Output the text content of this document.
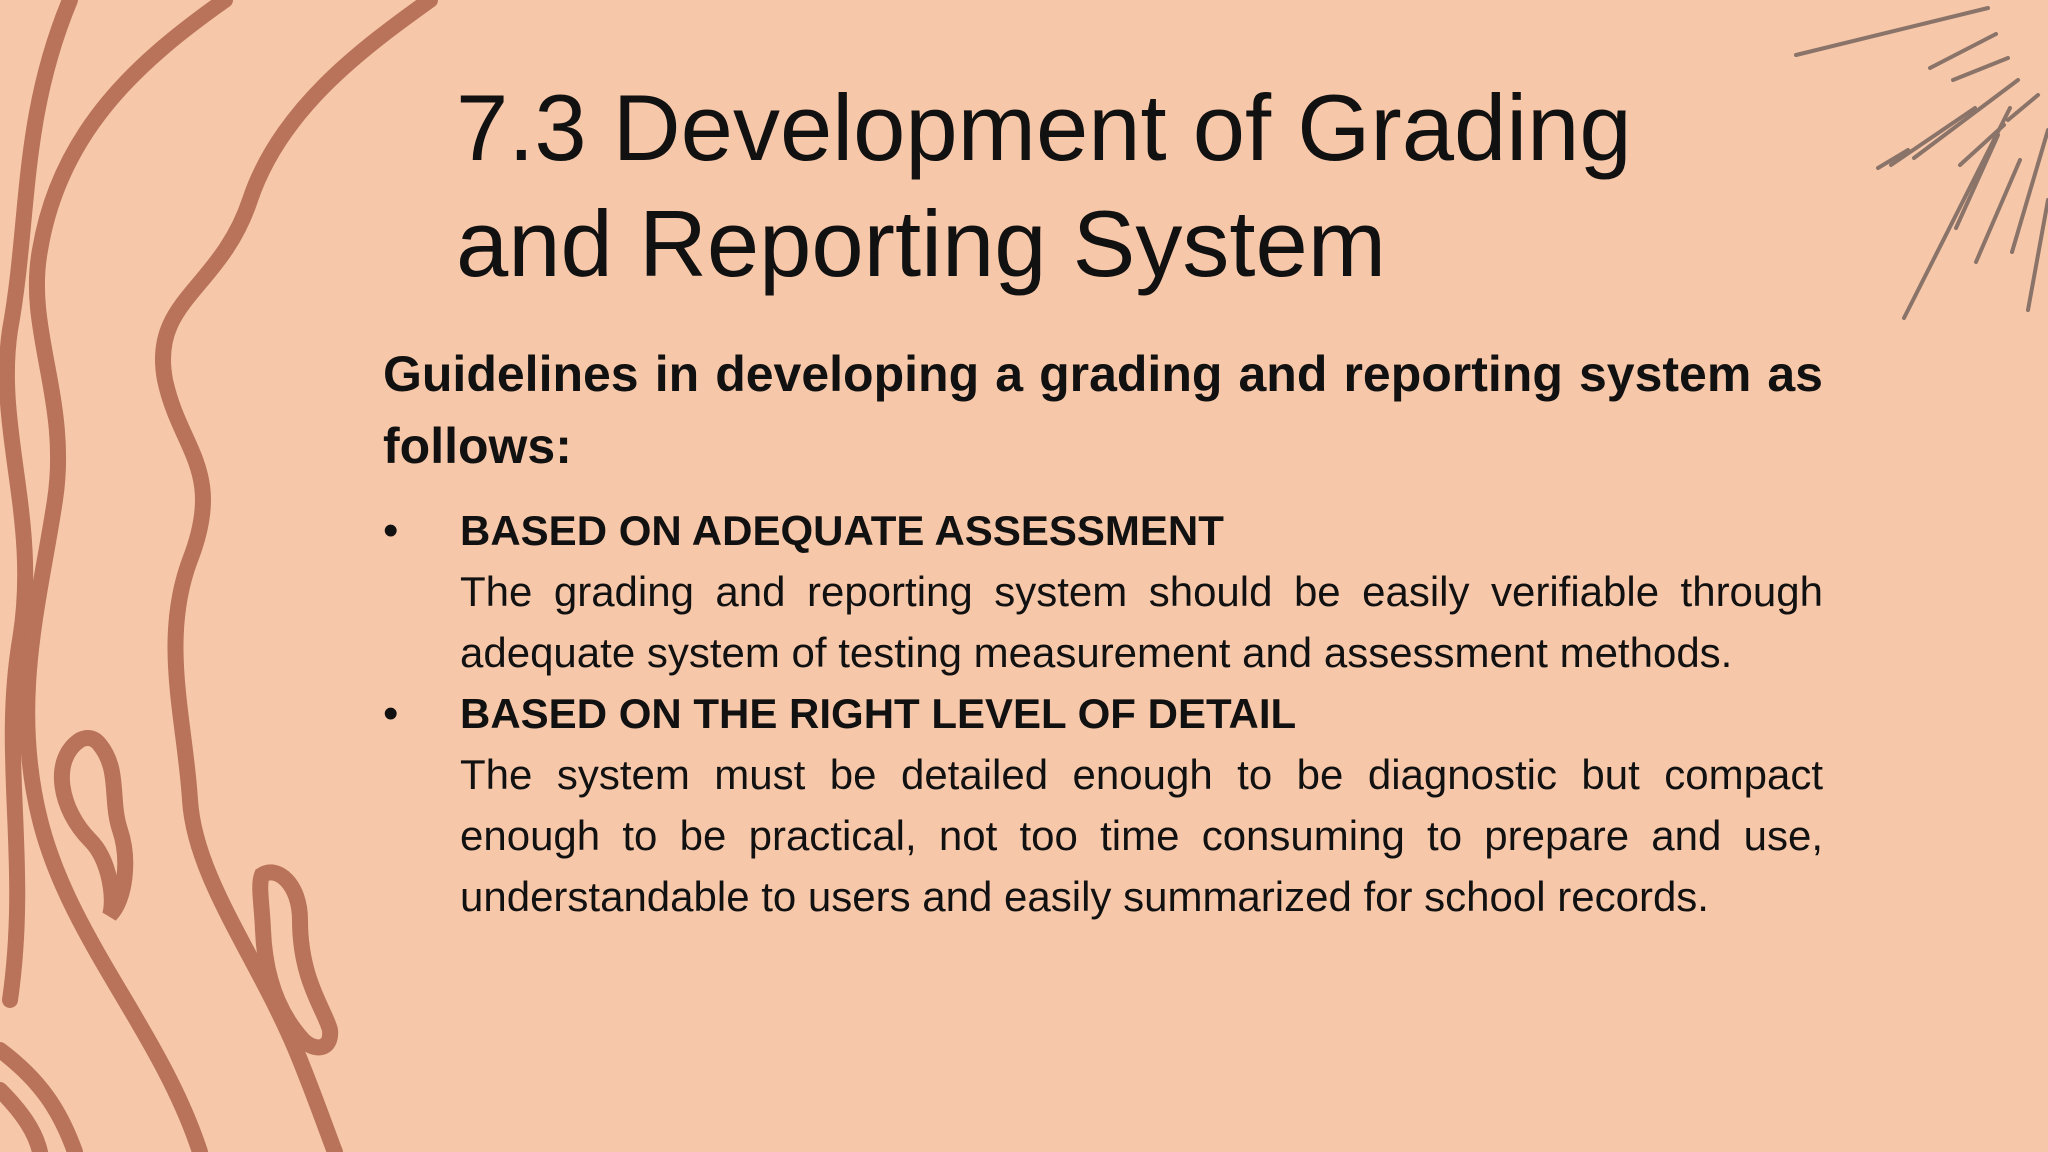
7.3 Development of Grading
and Reporting System

Guidelines in developing a grading and reporting system as follows:

• BASED ON ADEQUATE ASSESSMENT
The grading and reporting system should be easily verifiable through adequate system of testing measurement and assessment methods.
• BASED ON THE RIGHT LEVEL OF DETAIL
The system must be detailed enough to be diagnostic but compact enough to be practical, not too time consuming to prepare and use, understandable to users and easily summarized for school records.
